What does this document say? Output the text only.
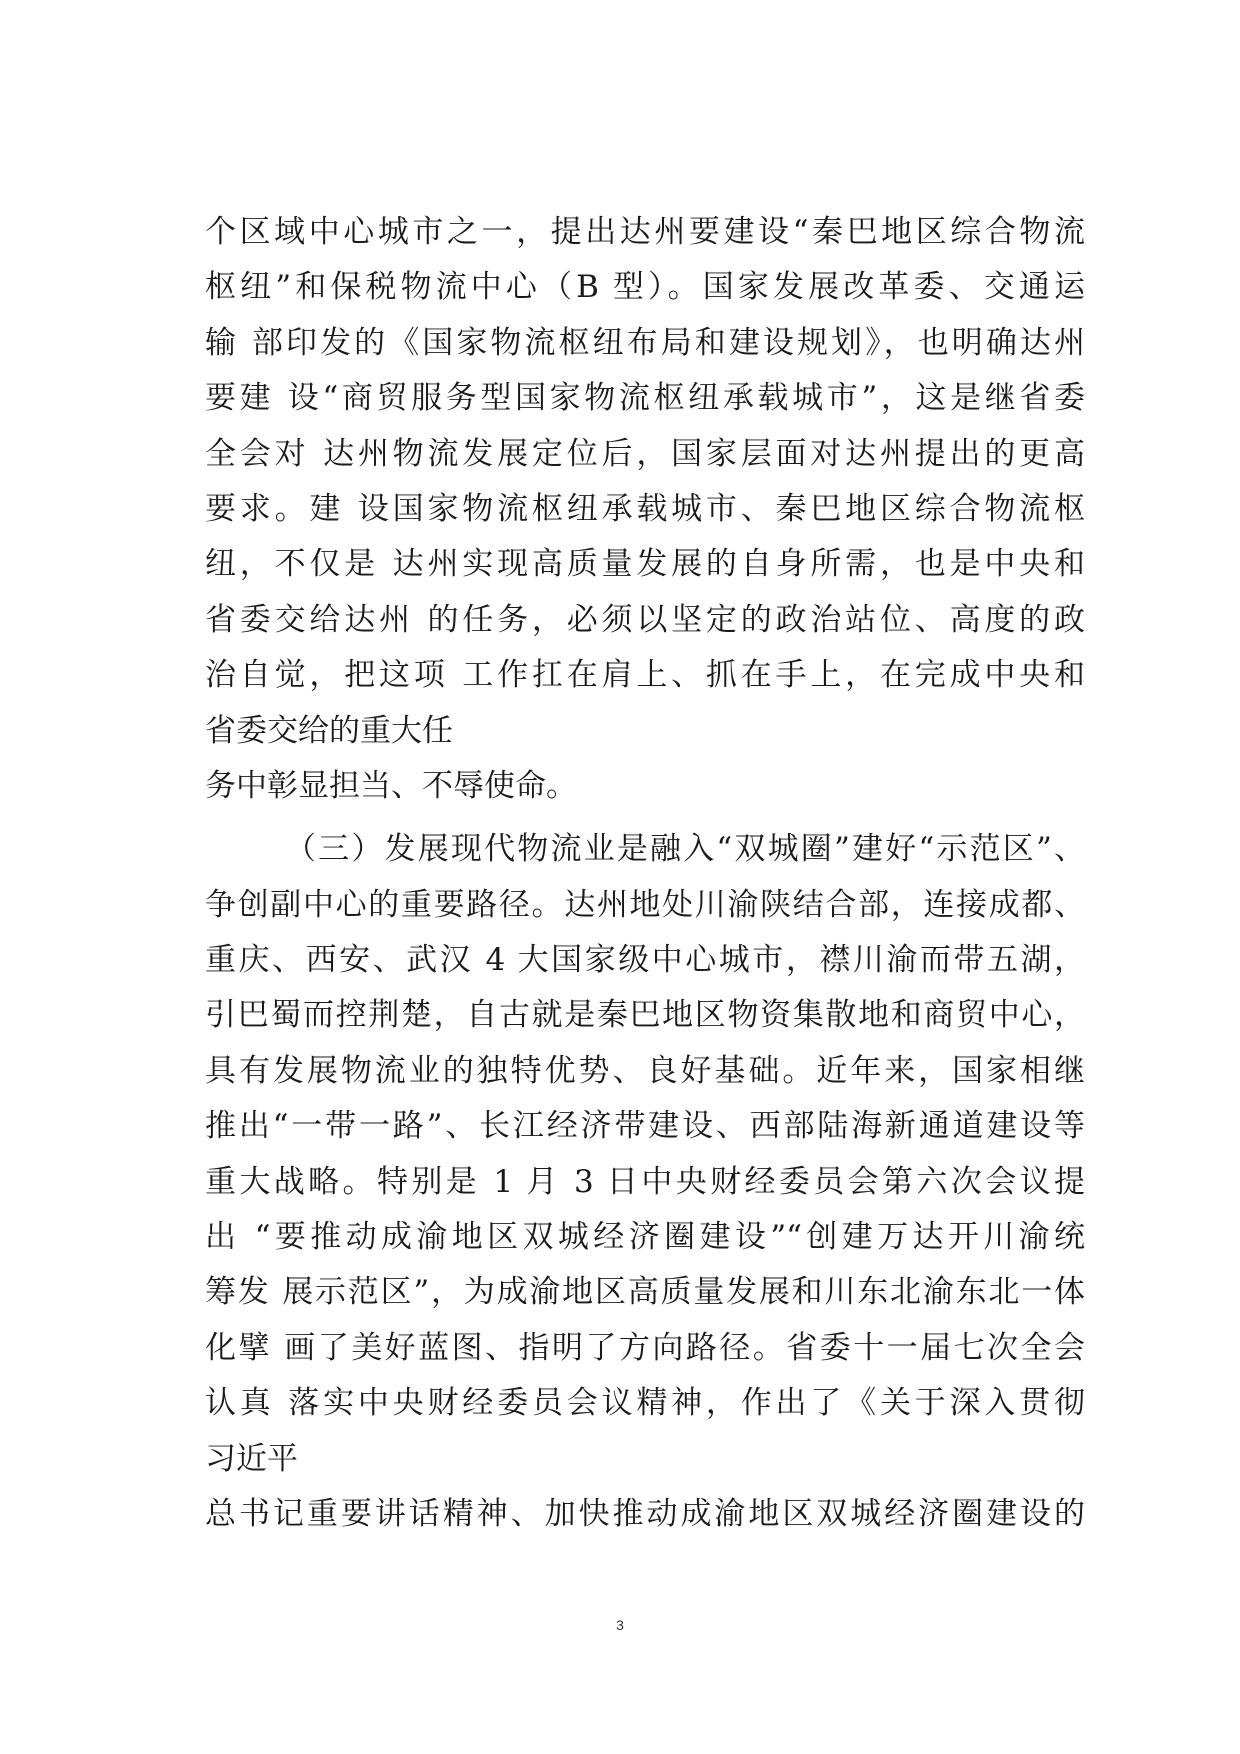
个区域中心城市之一，提出达州要建设“秦巴地区综合物流
枢纽”和保税物流中心（B 型）。国家发展改革委、交通运
输 部印发的《国家物流枢纽布局和建设规划》，也明确达州
要建 设“商贸服务型国家物流枢纽承载城市”，这是继省委
全会对 达州物流发展定位后，国家层面对达州提出的更高
要求。建 设国家物流枢纽承载城市、秦巴地区综合物流枢
纽，不仅是 达州实现高质量发展的自身所需，也是中央和
省委交给达州 的任务，必须以坚定的政治站位、高度的政
治自觉，把这项 工作扛在肩上、抓在手上，在完成中央和
省委交给的重大任
务中彰显担当、不辱使命。
（三）发展现代物流业是融入“双城圈”建好“示范区”、
争创副中心的重要路径。达州地处川渝陕结合部，连接成都、
重庆、西安、武汉 4 大国家级中心城市，襟川渝而带五湖，
引巴蜀而控荆楚，自古就是秦巴地区物资集散地和商贸中心，
具有发展物流业的独特优势、良好基础。近年来，国家相继
推出“一带一路”、长江经济带建设、西部陆海新通道建设等
重大战略。特别是 1 月 3 日中央财经委员会第六次会议提
出 “要推动成渝地区双城经济圈建设”“创建万达开川渝统
筹发 展示范区”，为成渝地区高质量发展和川东北渝东北一体
化擘 画了美好蓝图、指明了方向路径。省委十一届七次全会
认真 落实中央财经委员会议精神，作出了《关于深入贯彻
习近平
总书记重要讲话精神、加快推动成渝地区双城经济圈建设的
3
